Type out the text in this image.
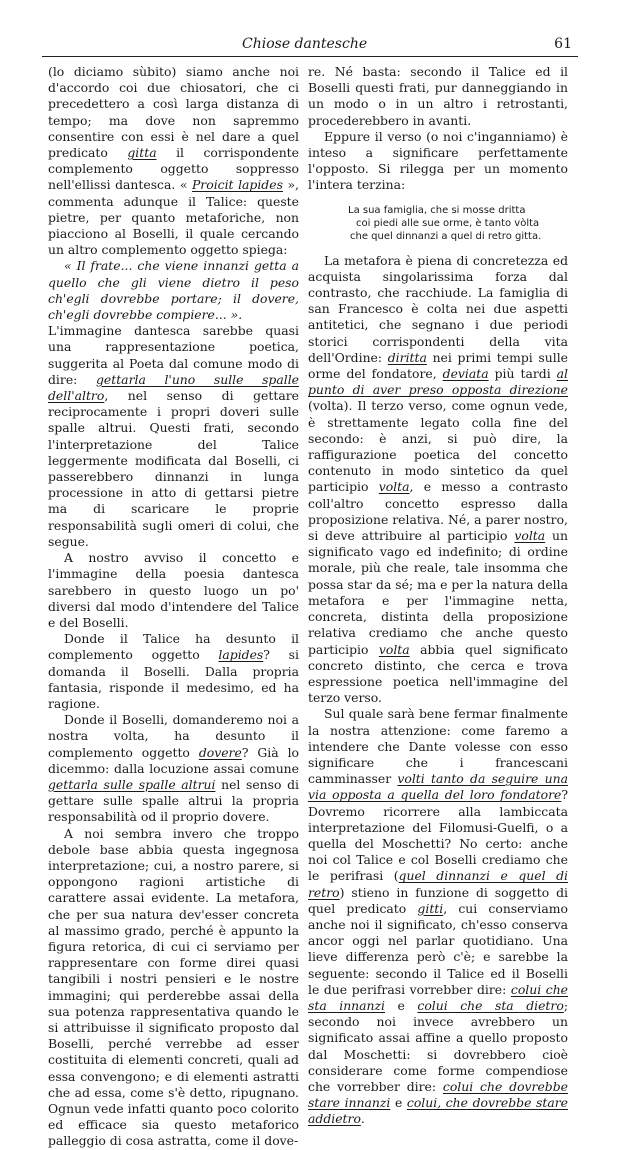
Chiose dantesche	61

(lo diciamo sùbito) siamo anche noi d'accordo coi due chiosatori, che ci precedettero a così larga distanza di tempo; ma dove non sapremmo consentire con essi è nel dare a quel predicato gitta il corrispondente complemento oggetto soppresso nell'ellissi dantesca. « Proicit lapides », commenta adunque il Talice: queste pietre, per quanto metaforiche, non piacciono al Boselli, il quale cercando un altro complemento oggetto spiega:

« Il frate... che viene innanzi getta a quello che gli viene dietro il peso ch'egli dovrebbe portare; il dovere, ch'egli dovrebbe compiere... ».

L'immagine dantesca sarebbe quasi una rappresentazione poetica, suggerita al Poeta dal comune modo di dire: gettarla l'uno sulle spalle dell'altro, nel senso di gettare reciprocamente i propri doveri sulle spalle altrui. Questi frati, secondo l'interpretazione del Talice leggermente modificata dal Boselli, ci passerebbero dinnanzi in lunga processione in atto di gettarsi pietre ma di scaricare le proprie responsabilità sugli omeri di colui, che segue.

A nostro avviso il concetto e l'immagine della poesia dantesca sarebbero in questo luogo un po' diversi dal modo d'intendere del Talice e del Boselli.

Donde il Talice ha desunto il complemento oggetto lapides? si domanda il Boselli. Dalla propria fantasia, risponde il medesimo, ed ha ragione.

Donde il Boselli, domanderemo noi a nostra volta, ha desunto il complemento oggetto dovere? Già lo dicemmo: dalla locuzione assai comune gettarla sulle spalle altrui nel senso di gettare sulle spalle altrui la propria responsabilità od il proprio dovere.

A noi sembra invero che troppo debole base abbia questa ingegnosa interpretazione; cui, a nostro parere, si oppongono ragioni artistiche di carattere assai evidente. La metafora, che per sua natura dev'esser concreta al massimo grado, perché è appunto la figura retorica, di cui ci serviamo per rappresentare con forme direi quasi tangibili i nostri pensieri e le nostre immagini; qui perderebbe assai della sua potenza rappresentativa quando le si attribuisse il significato proposto dal Boselli, perché verrebbe ad esser costituita di elementi concreti, quali ad essa convengono; e di elementi astratti che ad essa, come s'è detto, ripugnano. Ognun vede infatti quanto poco colorito ed efficace sia questo metaforico palleggio di cosa astratta, come il dove-

re. Né basta: secondo il Talice ed il Boselli questi frati, pur danneggiando in un modo o in un altro i retrostanti, procederebbero in avanti.

Eppure il verso (o noi c'inganniamo) è inteso a significare perfettamente l'opposto. Si rilegga per un momento l'intera terzina:

La sua famiglia, che si mosse dritta
coi piedi alle sue orme, è tanto vòlta
che quel dinnanzi a quel di retro gitta.

La metafora è piena di concretezza ed acquista singolarissima forza dal contrasto, che racchiude. La famiglia di san Francesco è colta nei due aspetti antitetici, che segnano i due periodi storici corrispondenti della vita dell'Ordine: diritta nei primi tempi sulle orme del fondatore, deviata più tardi al punto di aver preso opposta direzione (volta). Il terzo verso, come ognun vede, è strettamente legato colla fine del secondo: è anzi, si può dire, la raffigurazione poetica del concetto contenuto in modo sintetico da quel participio volta, e messo a contrasto coll'altro concetto espresso dalla proposizione relativa. Né, a parer nostro, si deve attribuire al participio volta un significato vago ed indefinito; di ordine morale, più che reale, tale insomma che possa star da sé; ma e per la natura della metafora e per l'immagine netta, concreta, distinta della proposizione relativa crediamo che anche questo participio volta abbia quel significato concreto distinto, che cerca e trova espressione poetica nell'immagine del terzo verso.

Sul quale sarà bene fermar finalmente la nostra attenzione: come faremo a intendere che Dante volesse con esso significare che i francescani camminasser volti tanto da seguire una via opposta a quella del loro fondatore? Dovremo ricorrere alla lambiccata interpretazione del Filomusi-Guelfi, o a quella del Moschetti? No certo: anche noi col Talice e col Boselli crediamo che le perifrasi (quel dinnanzi e quel di retro) stieno in funzione di soggetto di quel predicato gitti, cui conserviamo anche noi il significato, ch'esso conserva ancor oggi nel parlar quotidiano. Una lieve differenza però c'è; e sarebbe la seguente: secondo il Talice ed il Boselli le due perifrasi vorrebber dire: colui che sta innanzi e colui che sta dietro; secondo noi invece avrebbero un significato assai affine a quello proposto dal Moschetti: si dovrebbero cioè considerare come forme compendiose che vorrebber dire: colui che dovrebbe stare innanzi e colui, che dovrebbe stare addietro.
